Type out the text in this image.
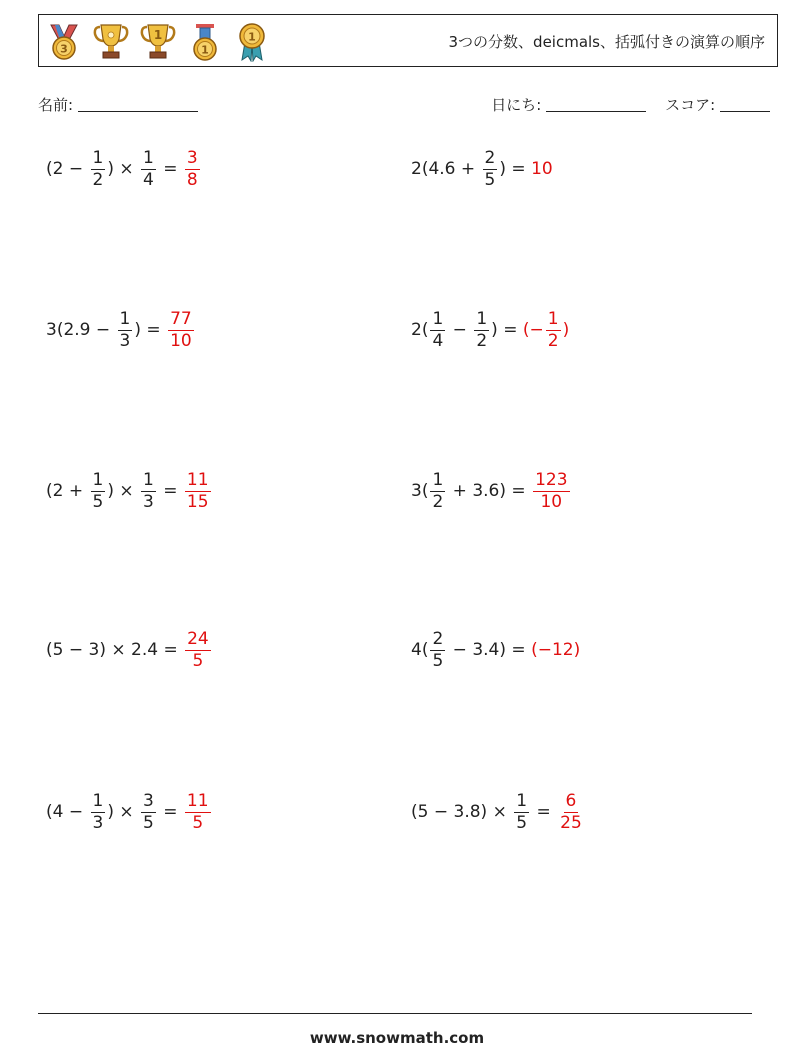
3
1
1
1	3つの分数、deicmals、括弧付きの演算の順序
名前:	日にち:	スコア:
($2 - \frac{1}{2}$ ) × $\frac{1}{4} = \frac{3}{8}$	$2(4.6 + \frac{2}{5}$ ) = 10
$3(2.9 - \frac{1}{3}$ ) = $\frac{77}{10}$	$2( \frac{1}{4} - \frac{1}{2}$ ) = (− $\frac{1}{2}$ )
($2 + \frac{1}{5}$ ) × $\frac{1}{3} = \frac{11}{15}$	$3( \frac{1}{2} + 3.6) = \frac{123}{10}$
$(5 - 3) \times 2.4 = \frac{24}{5}$	$4( \frac{2}{5} - 3.4) = (-12)$
($4 - \frac{1}{3}$ ) × $\frac{3}{5} = \frac{11}{5}$	$(5 - 3.8) \times \frac{1}{5} = \frac{6}{25}$
www.snowmath.com
